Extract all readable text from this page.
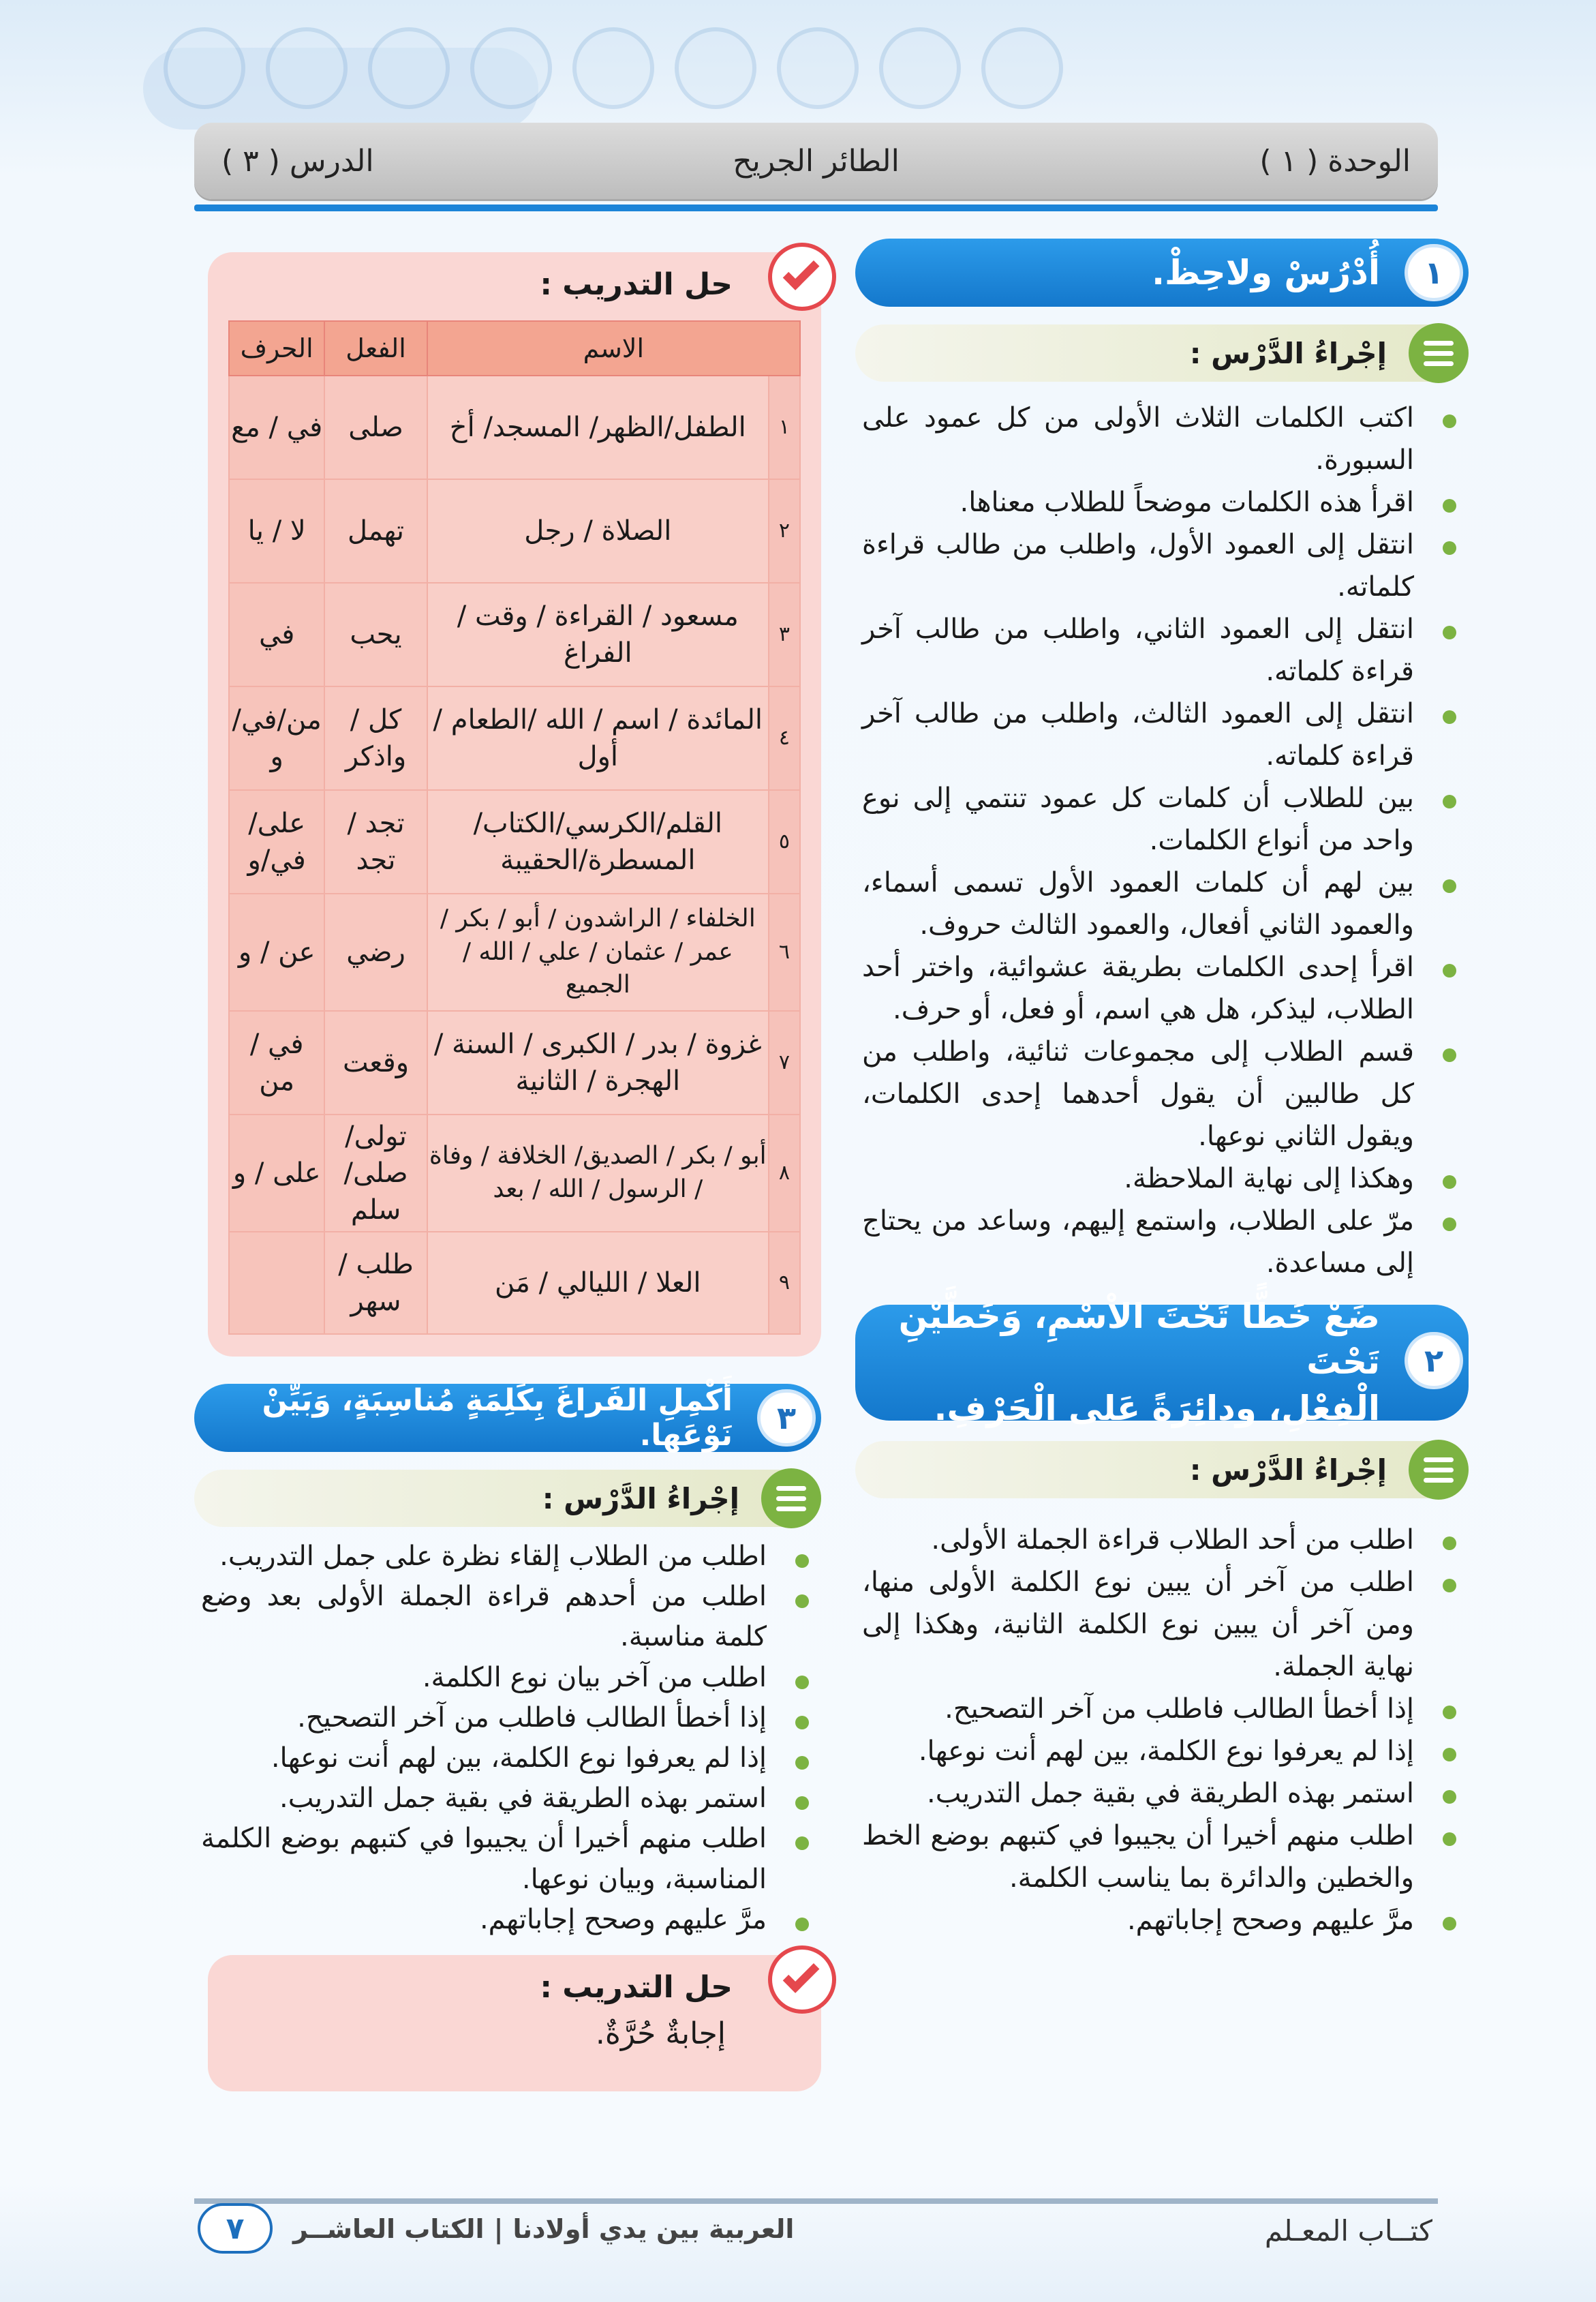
الوحدة ( ١ )
الطائر الجريح
الدرس ( ٣ )
١
أُدْرُسْ ولاحِظْ.
إجْراءُ الدَّرْس :
اكتب الكلمات الثلاث الأولى من كل عمود على السبورة.
اقرأ هذه الكلمات موضحاً للطلاب معناها.
انتقل إلى العمود الأول، واطلب من طالب قراءة كلماته.
انتقل إلى العمود الثاني، واطلب من طالب آخر قراءة كلماته.
انتقل إلى العمود الثالث، واطلب من طالب آخر قراءة كلماته.
بين للطلاب أن كلمات كل عمود تنتمي إلى نوع واحد من أنواع الكلمات.
بين لهم أن كلمات العمود الأول تسمى أسماء، والعمود الثاني أفعال، والعمود الثالث حروف.
اقرأ إحدى الكلمات بطريقة عشوائية، واختر أحد الطلاب، ليذكر، هل هي اسم، أو فعل، أو حرف.
قسم الطلاب إلى مجموعات ثنائية، واطلب من كل طالبين أن يقول أحدهما إحدى الكلمات، ويقول الثاني نوعها.
وهكذا إلى نهاية الملاحظة.
مرّ على الطلاب، واستمع إليهم، وساعد من يحتاج إلى مساعدة.
٢
ضَعْ خَطًّا تَحْتَ الاْسْمِ، وَخَطَّيْنِ تَحْتَ
الْفِعْلِ، ودائِرَةً عَلى الْحَرْفِ.
إجْراءُ الدَّرْس :
اطلب من أحد الطلاب قراءة الجملة الأولى.
اطلب من آخر أن يبين نوع الكلمة الأولى منها، ومن آخر أن يبين نوع الكلمة الثانية، وهكذا إلى نهاية الجملة.
إذا أخطأ الطالب فاطلب من آخر التصحيح.
إذا لم يعرفوا نوع الكلمة، بين لهم أنت نوعها.
استمر بهذه الطريقة في بقية جمل التدريب.
اطلب منهم أخيرا أن يجيبوا في كتبهم بوضع الخط والخطين والدائرة بما يناسب الكلمة.
مرَّ عليهم وصحح إجاباتهم.
حل التدريب :
الاسم		الفعل	الحرف
١	الطفل/الظهر/ المسجد/ أخ	صلى	في / مع
٢	الصلاة / رجل	تهمل	لا / يا
٣	مسعود / القراءة / وقت / الفراغ	يحب	في
٤	المائدة / اسم / الله /الطعام / أول	كل / واذكر	من/في/و
٥	القلم/الكرسي/الكتاب/ المسطرة/الحقيبة	تجد / تجد	على/في/و
٦	الخلفاء / الراشدون / أبو / بكر / عمر / عثمان / علي / الله / الجميع	رضي	عن / و
٧	غزوة / بدر / الكبرى / السنة / الهجرة / الثانية	وقعت	في / من
٨	أبو / بكر / الصديق/ الخلافة / وفاة / الرسول / الله / بعد	تولى/ صلى/ سلم	على / و
٩	العلا / الليالي / مَن	طلب / سهر	
٣
أَكْمِلِ الفَراغَ بِكَلِمَةٍ مُناسِبَةٍ، وَبَيِّنْ نَوْعَها.
إجْراءُ الدَّرْس :
اطلب من الطلاب إلقاء نظرة على جمل التدريب.
اطلب من أحدهم قراءة الجملة الأولى بعد وضع كلمة مناسبة.
اطلب من آخر بيان نوع الكلمة.
إذا أخطأ الطالب فاطلب من آخر التصحيح.
إذا لم يعرفوا نوع الكلمة، بين لهم أنت نوعها.
استمر بهذه الطريقة في بقية جمل التدريب.
اطلب منهم أخيرا أن يجيبوا في كتبهم بوضع الكلمة المناسبة، وبيان نوعها.
مرَّ عليهم وصحح إجاباتهم.
حل التدريب :
إجابةٌ حُرَّةٌ.
كتــاب المعـلم
العربية بين يدي أولادنا
|
الكتاب العاشــر
٧
